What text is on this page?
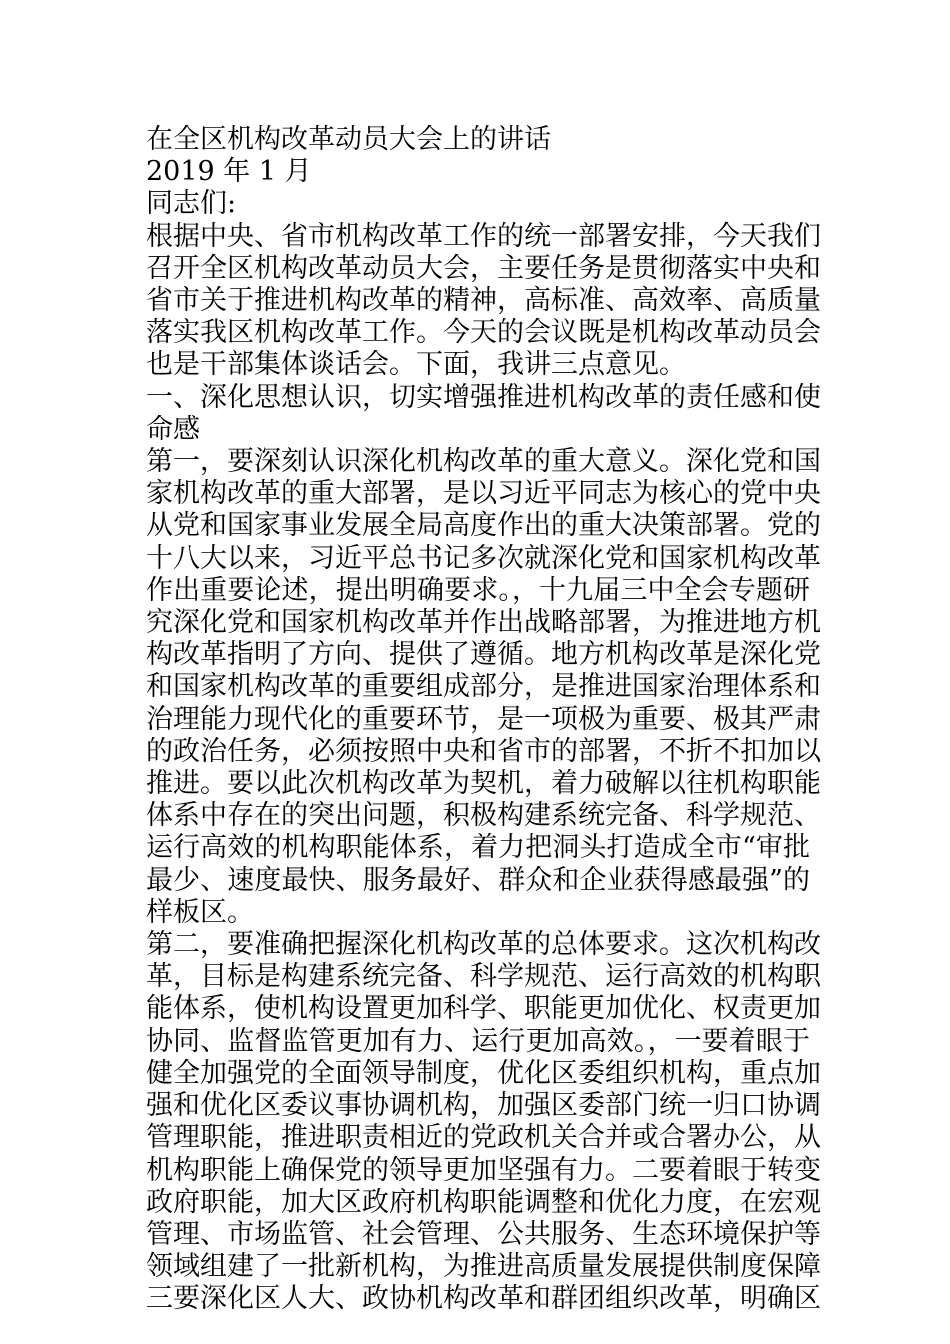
在全区机构改革动员大会上的讲话
2019 年 1 月
同志们:
根据中央、省市机构改革工作的统一部署安排，今天我们
召开全区机构改革动员大会，主要任务是贯彻落实中央和
省市关于推进机构改革的精神，高标准、高效率、高质量
落实我区机构改革工作。今天的会议既是机构改革动员会
也是干部集体谈话会。下面，我讲三点意见。
一、深化思想认识，切实增强推进机构改革的责任感和使
命感
第一，要深刻认识深化机构改革的重大意义。深化党和国
家机构改革的重大部署，是以习近平同志为核心的党中央
从党和国家事业发展全局高度作出的重大决策部署。党的
十八大以来，习近平总书记多次就深化党和国家机构改革
作出重要论述，提出明确要求。，十九届三中全会专题研
究深化党和国家机构改革并作出战略部署，为推进地方机
构改革指明了方向、提供了遵循。地方机构改革是深化党
和国家机构改革的重要组成部分，是推进国家治理体系和
治理能力现代化的重要环节，是一项极为重要、极其严肃
的政治任务，必须按照中央和省市的部署，不折不扣加以
推进。要以此次机构改革为契机，着力破解以往机构职能
体系中存在的突出问题，积极构建系统完备、科学规范、
运行高效的机构职能体系，着力把洞头打造成全市“审批
最少、速度最快、服务最好、群众和企业获得感最强”的
样板区。
第二，要准确把握深化机构改革的总体要求。这次机构改
革，目标是构建系统完备、科学规范、运行高效的机构职
能体系，使机构设置更加科学、职能更加优化、权责更加
协同、监督监管更加有力、运行更加高效。，一要着眼于
健全加强党的全面领导制度，优化区委组织机构，重点加
强和优化区委议事协调机构，加强区委部门统一归口协调
管理职能，推进职责相近的党政机关合并或合署办公，从
机构职能上确保党的领导更加坚强有力。二要着眼于转变
政府职能，加大区政府机构职能调整和优化力度，在宏观
管理、市场监管、社会管理、公共服务、生态环境保护等
领域组建了一批新机构，为推进高质量发展提供制度保障
三要深化区人大、政协机构改革和群团组织改革，明确区
